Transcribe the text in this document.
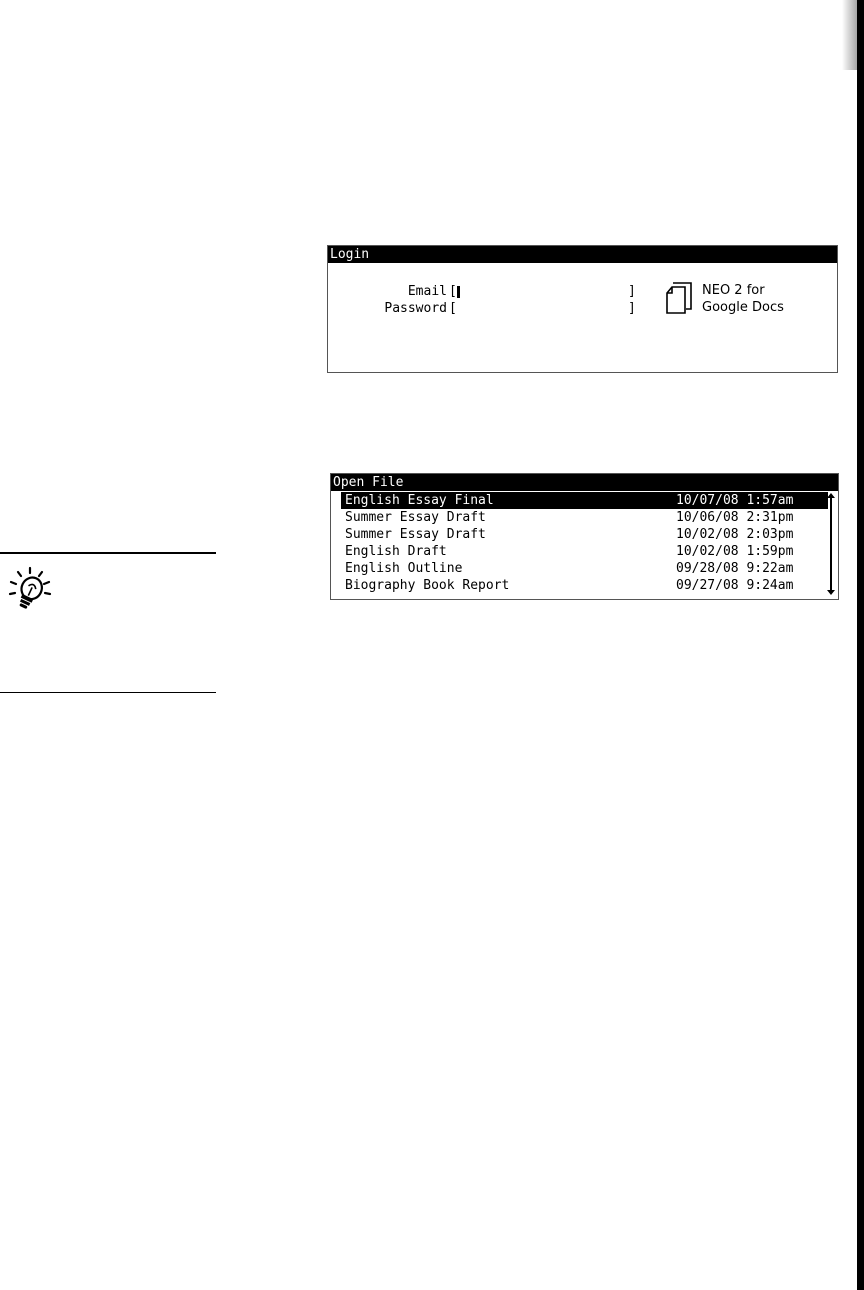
Login
Email [	]
Password [	]
NEO 2 for
Google Docs
Open File
English Essay Final	10/07/08 1:57am
Summer Essay Draft	10/06/08 2:31pm
Summer Essay Draft	10/02/08 2:03pm
English Draft	10/02/08 1:59pm
English Outline	09/28/08 9:22am
Biography Book Report	09/27/08 9:24am
